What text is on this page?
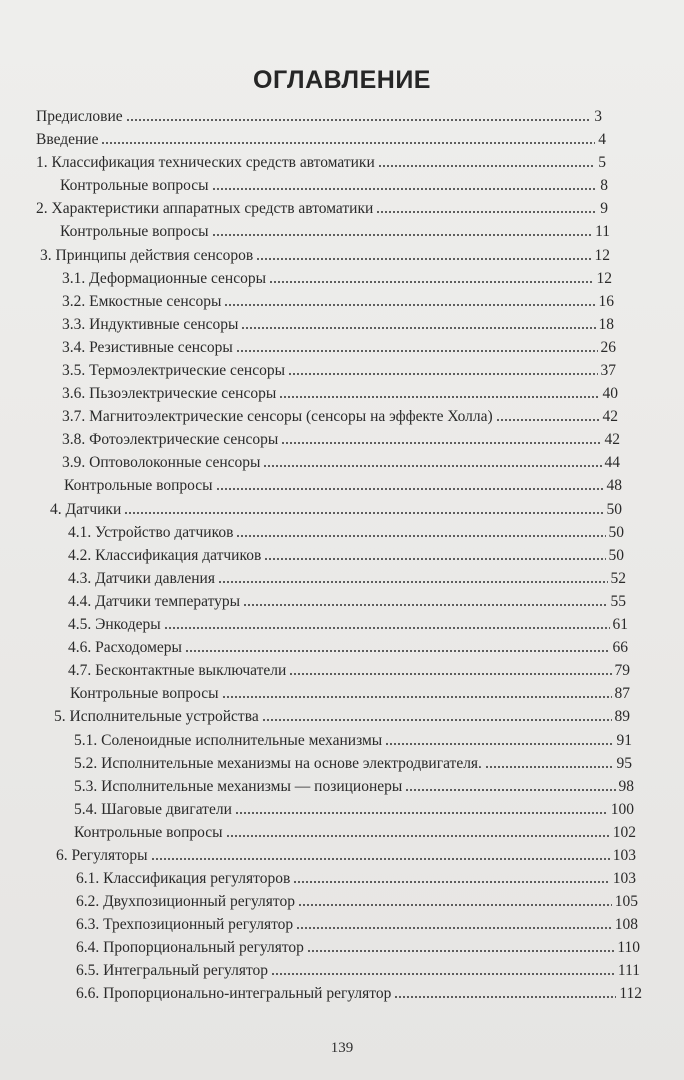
ОГЛАВЛЕНИЕ
Предисловие	3
Введение	4
1. Классификация технических средств автоматики	5
Контрольные вопросы	8
2. Характеристики аппаратных средств автоматики	9
Контрольные вопросы	11
3. Принципы действия сенсоров	12
3.1. Деформационные сенсоры	12
3.2. Емкостные сенсоры	16
3.3. Индуктивные сенсоры	18
3.4. Резистивные сенсоры	26
3.5. Термоэлектрические сенсоры	37
3.6. Пьзоэлектрические сенсоры	40
3.7. Магнитоэлектрические сенсоры (сенсоры на эффекте Холла)	42
3.8. Фотоэлектрические сенсоры	42
3.9. Оптоволоконные сенсоры	44
Контрольные вопросы	48
4. Датчики	50
4.1. Устройство датчиков	50
4.2. Классификация датчиков	50
4.3. Датчики давления	52
4.4. Датчики температуры	55
4.5. Энкодеры	61
4.6. Расходомеры	66
4.7. Бесконтактные выключатели	79
Контрольные вопросы	87
5. Исполнительные устройства	89
5.1. Соленоидные исполнительные механизмы	91
5.2. Исполнительные механизмы на основе электродвигателя.	95
5.3. Исполнительные механизмы — позиционеры	98
5.4. Шаговые двигатели	100
Контрольные вопросы	102
6. Регуляторы	103
6.1. Классификация регуляторов	103
6.2. Двухпозиционный регулятор	105
6.3. Трехпозиционный регулятор	108
6.4. Пропорциональный регулятор	110
6.5. Интегральный регулятор	111
6.6. Пропорционально-интегральный регулятор	112
139
